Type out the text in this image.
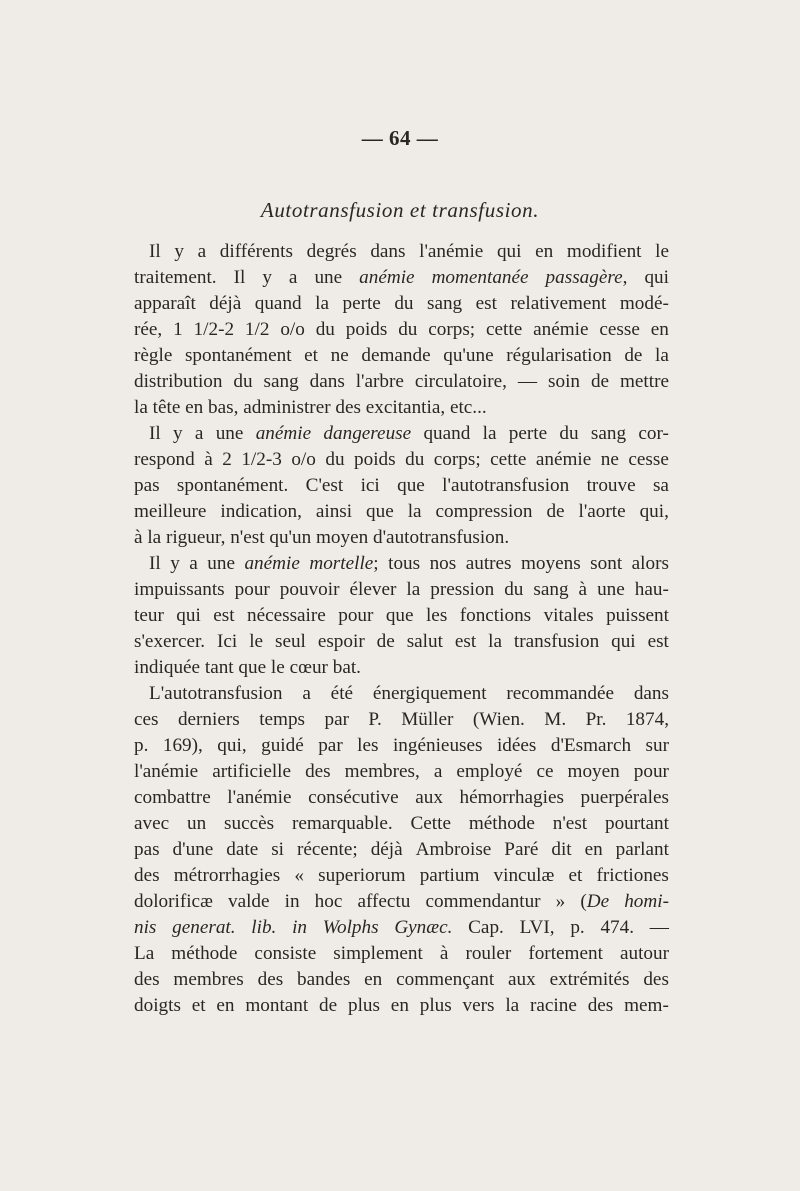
— 64 —
Autotransfusion et transfusion.
Il y a différents degrés dans l'anémie qui en modifient le
traitement. Il y a une anémie momentanée passagère, qui
apparaît déjà quand la perte du sang est relativement modé-
rée, 1 1/2-2 1/2 o/o du poids du corps; cette anémie cesse en
règle spontanément et ne demande qu'une régularisation de la
distribution du sang dans l'arbre circulatoire, — soin de mettre
la tête en bas, administrer des excitantia, etc...
Il y a une anémie dangereuse quand la perte du sang cor-
respond à 2 1/2-3 o/o du poids du corps; cette anémie ne cesse
pas spontanément. C'est ici que l'autotransfusion trouve sa
meilleure indication, ainsi que la compression de l'aorte qui,
à la rigueur, n'est qu'un moyen d'autotransfusion.
Il y a une anémie mortelle; tous nos autres moyens sont alors
impuissants pour pouvoir élever la pression du sang à une hau-
teur qui est nécessaire pour que les fonctions vitales puissent
s'exercer. Ici le seul espoir de salut est la transfusion qui est
indiquée tant que le cœur bat.
L'autotransfusion a été énergiquement recommandée dans
ces derniers temps par P. Müller (Wien. M. Pr. 1874,
p. 169), qui, guidé par les ingénieuses idées d'Esmarch sur
l'anémie artificielle des membres, a employé ce moyen pour
combattre l'anémie consécutive aux hémorrhagies puerpérales
avec un succès remarquable. Cette méthode n'est pourtant
pas d'une date si récente; déjà Ambroise Paré dit en parlant
des métrorrhagies « superiorum partium vinculæ et frictiones
dolorificæ valde in hoc affectu commendantur » (De homi-
nis generat. lib. in Wolphs Gynæc. Cap. LVI, p. 474. —
La méthode consiste simplement à rouler fortement autour
des membres des bandes en commençant aux extrémités des
doigts et en montant de plus en plus vers la racine des mem-
